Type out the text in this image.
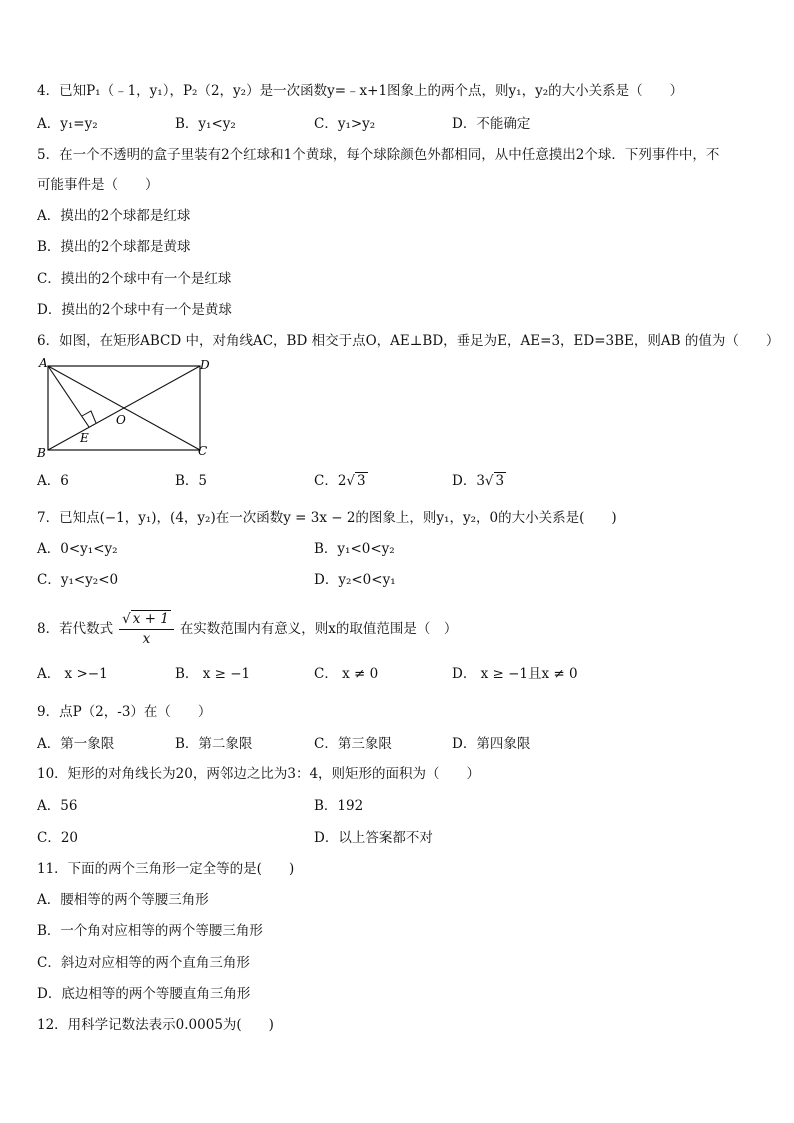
4．已知P₁（﹣1，y₁），P₂（2，y₂）是一次函数y=﹣x+1图象上的两个点，则y₁，y₂的大小关系是（　　）
A．y₁=y₂	B．y₁<y₂	C．y₁>y₂	D．不能确定
5．在一个不透明的盒子里装有2个红球和1个黄球，每个球除颜色外都相同，从中任意摸出2个球．下列事件中，不
可能事件是（　　）
A．摸出的2个球都是红球
B．摸出的2个球都是黄球
C．摸出的2个球中有一个是红球
D．摸出的2个球中有一个是黄球
6．如图，在矩形ABCD 中，对角线AC，BD 相交于点O，AE⊥BD，垂足为E，AE=3，ED=3BE，则AB 的值为（　　）
A	D
B	C
O
E
A．6	B．5	C．2√ 3	D．3√ 3
7．已知点(−1，y₁)，(4，y₂)在一次函数y = 3x − 2的图象上，则y₁，y₂，0的大小关系是(　　)
A．0<y₁<y₂	B．y₁<0<y₂
C．y₁<y₂<0	D．y₂<0<y₁
8．若代数式 $\frac{√ x + 1}{x}$ 在实数范围内有意义，则x的取值范围是（　）
A． x >−1	B． x ≥ −1	C． x ≠ 0	D． x ≥ −1且x ≠ 0
9．点P（2，-3）在（　　）
A．第一象限	B．第二象限	C．第三象限	D．第四象限
10．矩形的对角线长为20，两邻边之比为3：4，则矩形的面积为（　　）
A．56	B．192
C．20	D．以上答案都不对
11．下面的两个三角形一定全等的是(　　)
A．腰相等的两个等腰三角形
B．一个角对应相等的两个等腰三角形
C．斜边对应相等的两个直角三角形
D．底边相等的两个等腰直角三角形
12．用科学记数法表示0.0005为(　　)
